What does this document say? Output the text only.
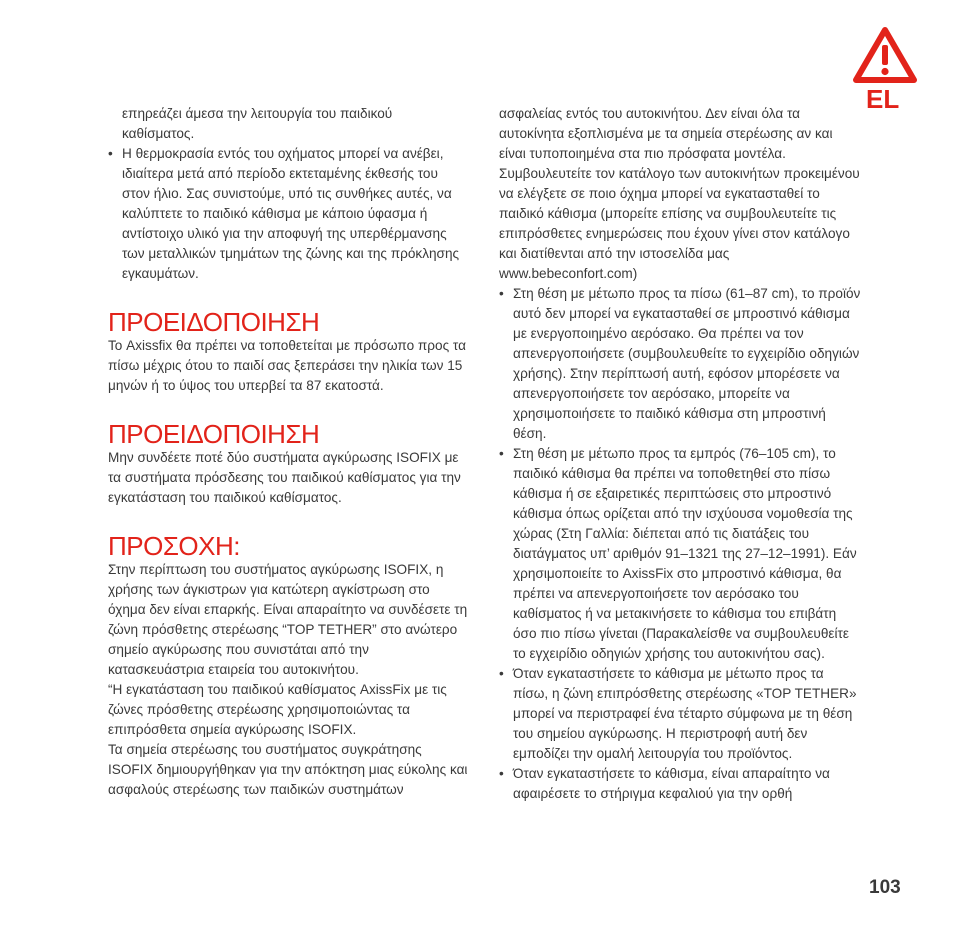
EL

επηρεάζει άμεσα την λειτουργία του παιδικού καθίσματος.

• Η θερμοκρασία εντός του οχήματος μπορεί να ανέβει, ιδιαίτερα μετά από περίοδο εκτεταμένης έκθεσής του στον ήλιο. Σας συνιστούμε, υπό τις συνθήκες αυτές, να καλύπτετε το παιδικό κάθισμα με κάποιο ύφασμα ή αντίστοιχο υλικό για την αποφυγή της υπερθέρμανσης των μεταλλικών τμημάτων της ζώνης και της πρόκλησης εγκαυμάτων.

ΠΡΟΕΙΔΟΠΟΙΗΣΗ

Το Axissfix θα πρέπει να τοποθετείται με πρόσωπο προς τα πίσω μέχρις ότου το παιδί σας ξεπεράσει την ηλικία των 15 μηνών ή το ύψος του υπερβεί τα 87 εκατοστά.

ΠΡΟΕΙΔΟΠΟΙΗΣΗ

Μην συνδέετε ποτέ δύο συστήματα αγκύρωσης ISOFIX με τα συστήματα πρόσδεσης του παιδικού καθίσματος για την εγκατάσταση του παιδικού καθίσματος.

ΠΡΟΣΟΧΗ:

Στην περίπτωση του συστήματος αγκύρωσης ISOFIX, η χρήσης των άγκιστρων για κατώτερη αγκίστρωση στο όχημα δεν είναι επαρκής. Είναι απαραίτητο να συνδέσετε τη ζώνη πρόσθετης στερέωσης “TOP TETHER” στο ανώτερο σημείο αγκύρωσης που συνιστάται από την κατασκευάστρια εταιρεία του αυτοκινήτου.

“Η εγκατάσταση του παιδικού καθίσματος AxissFix με τις ζώνες πρόσθετης στερέωσης χρησιμοποιώντας τα επιπρόσθετα σημεία αγκύρωσης ISOFIX.

Τα σημεία στερέωσης του συστήματος συγκράτησης ISOFIX δημιουργήθηκαν για την απόκτηση μιας εύκολης και ασφαλούς στερέωσης των παιδικών συστημάτων

ασφαλείας εντός του αυτοκινήτου. Δεν είναι όλα τα αυτοκίνητα εξοπλισμένα με τα σημεία στερέωσης αν και είναι τυποποιημένα στα πιο πρόσφατα μοντέλα. Συμβουλευτείτε τον κατάλογο των αυτοκινήτων προκειμένου να ελέγξετε σε ποιο όχημα μπορεί να εγκατασταθεί το παιδικό κάθισμα (μπορείτε επίσης να συμβουλευτείτε τις επιπρόσθετες ενημερώσεις που έχουν γίνει στον κατάλογο και διατίθενται από την ιστοσελίδα μας www.bebeconfort.com)

• Στη θέση με μέτωπο προς τα πίσω (61–87 cm), το προϊόν αυτό δεν μπορεί να εγκατασταθεί σε μπροστινό κάθισμα με ενεργοποιημένο αερόσακο. Θα πρέπει να τον απενεργοποιήσετε (συμβουλευθείτε το εγχειρίδιο οδηγιών χρήσης). Στην περίπτωσή αυτή, εφόσον μπορέσετε να απενεργοποιήσετε τον αερόσακο, μπορείτε να χρησιμοποιήσετε το παιδικό κάθισμα στη μπροστινή θέση.

• Στη θέση με μέτωπο προς τα εμπρός (76–105 cm), το παιδικό κάθισμα θα πρέπει να τοποθετηθεί στο πίσω κάθισμα ή σε εξαιρετικές περιπτώσεις στο μπροστινό κάθισμα όπως ορίζεται από την ισχύουσα νομοθεσία της χώρας (Στη Γαλλία: διέπεται από τις διατάξεις του διατάγματος υπ’ αριθμόν 91–1321 της 27–12–1991). Εάν χρησιμοποιείτε το AxissFix στο μπροστινό κάθισμα, θα πρέπει να απενεργοποιήσετε τον αερόσακο του καθίσματος ή να μετακινήσετε το κάθισμα του επιβάτη όσο πιο πίσω γίνεται (Παρακαλείσθε να συμβουλευθείτε το εγχειρίδιο οδηγιών χρήσης του αυτοκινήτου σας).

• Όταν εγκαταστήσετε το κάθισμα με μέτωπο προς τα πίσω, η ζώνη επιπρόσθετης στερέωσης «TOP TETHER» μπορεί να περιστραφεί ένα τέταρτο σύμφωνα με τη θέση του σημείου αγκύρωσης. Η περιστροφή αυτή δεν εμποδίζει την ομαλή λειτουργία του προϊόντος.

• Όταν εγκαταστήσετε το κάθισμα, είναι απαραίτητο να αφαιρέσετε το στήριγμα κεφαλιού για την ορθή

103
